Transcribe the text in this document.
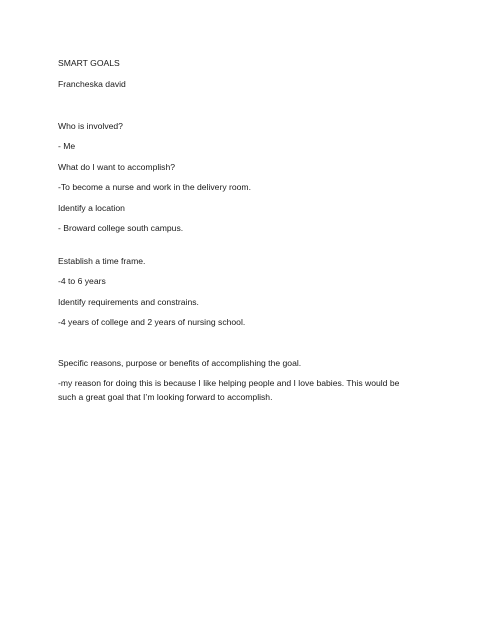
SMART GOALS

Francheska david

Who is involved?

- Me

What do I want to accomplish?

-To become a nurse and work in the delivery room.

Identify a location

- Broward college south campus.

Establish a time frame.

-4 to 6 years

Identify requirements and constrains.

-4 years of college and 2 years of nursing school.

Specific reasons, purpose or benefits of accomplishing the goal.

-my reason for doing this is because I like helping people and I love babies. This would be such a great goal that I’m looking forward to accomplish.
